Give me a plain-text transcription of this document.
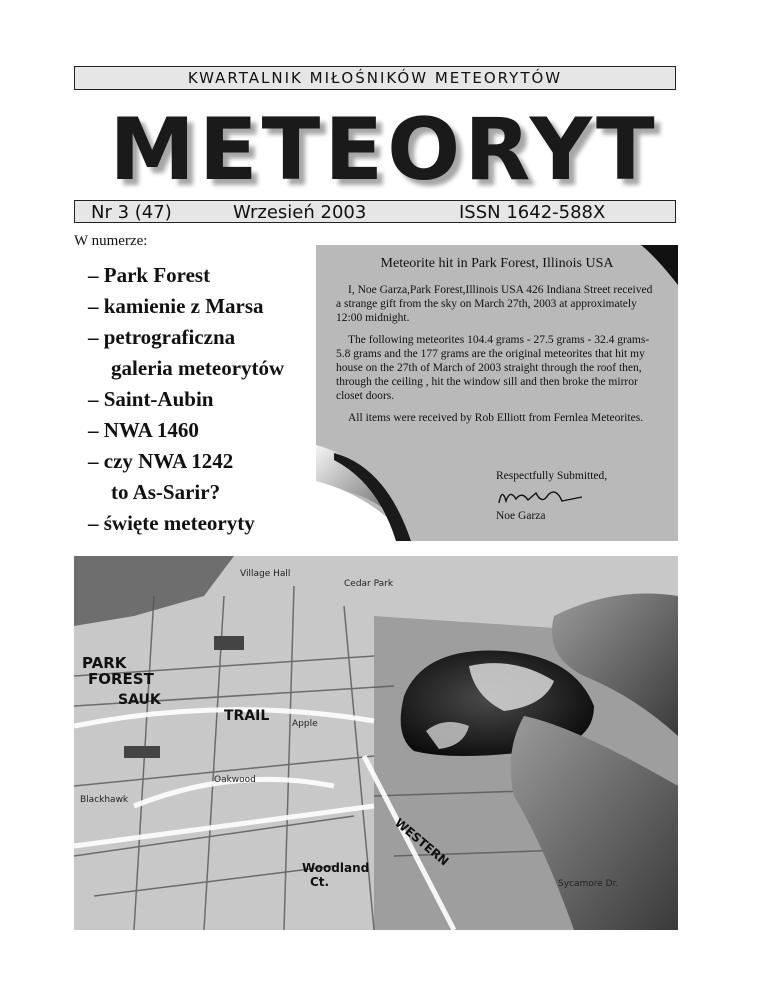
KWARTALNIK MIŁOŚNIKÓW METEORYTÓW
METEORYT
Nr 3 (47)	Wrzesień 2003	ISSN 1642-588X
W numerze:
– Park Forest
– kamienie z Marsa
– petrograficzna
galeria meteorytów
– Saint-Aubin
– NWA 1460
– czy NWA 1242
to As-Sarir?
– święte meteoryty
Meteorite hit in Park Forest, Illinois USA

I, Noe Garza,Park Forest,Illinois USA 426 Indiana Street received a strange gift from the sky on March 27th, 2003 at approximately 12:00 midnight.

The following meteorites 104.4 grams - 27.5 grams - 32.4 grams- 5.8 grams and the 177 grams are the original meteorites that hit my house on the 27th of March of 2003 straight through the roof then, through the ceiling , hit the window sill and then broke the mirror closet doors.

All items were received by Rob Elliott from Fernlea Meteorites.

Respectfully Submitted,
Noe Garza
PARK
FOREST
SAUK
TRAIL
WESTERN
Woodland
Ct.
Blackhawk
Oakwood
Apple
Village Hall
Cedar Park
Sycamore Dr.
